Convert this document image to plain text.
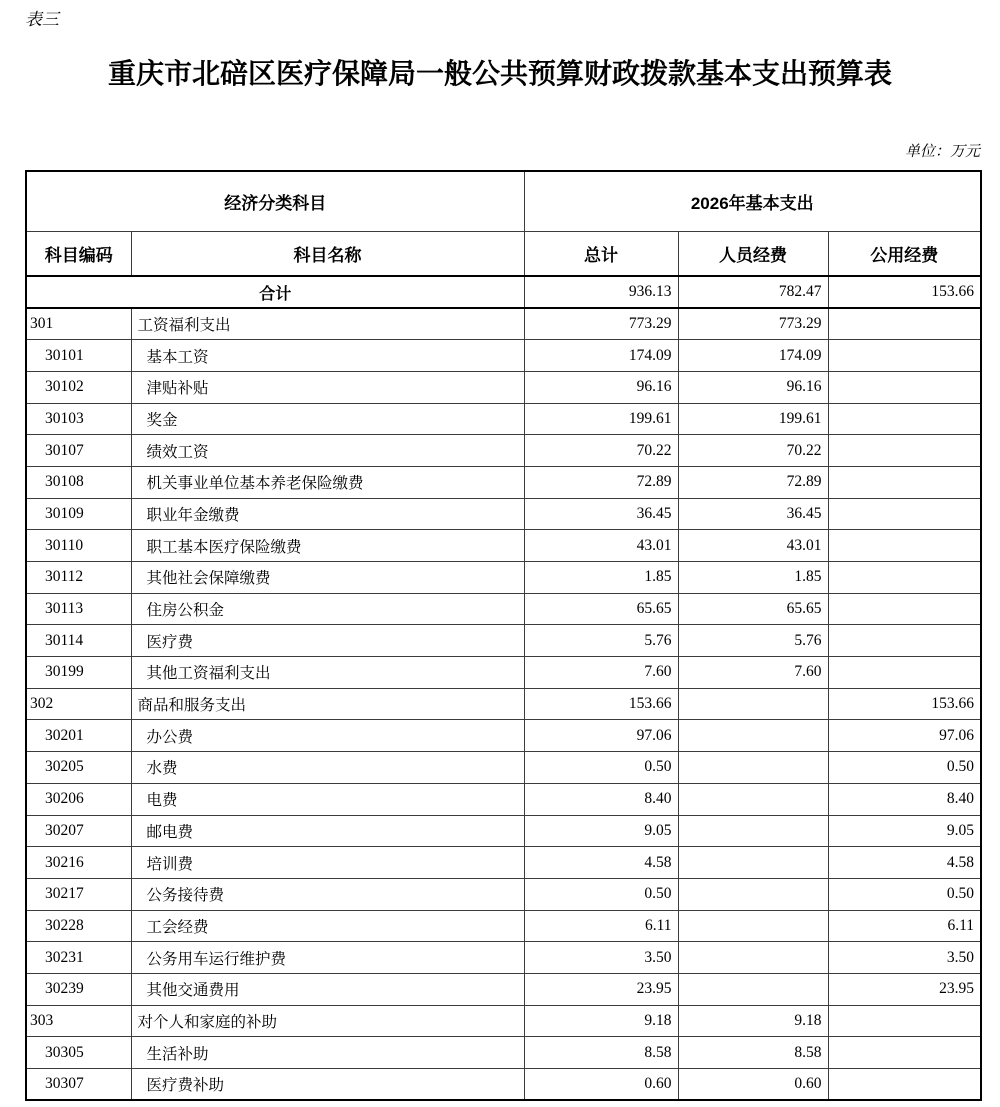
表三
重庆市北碚区医疗保障局一般公共预算财政拨款基本支出预算表
单位：万元
经济分类科目		2026年基本支出		
科目编码	科目名称	总计	人员经费	公用经费
合计		936.13	782.47	153.66
301	工资福利支出	773.29	773.29	
30101	基本工资	174.09	174.09	
30102	津贴补贴	96.16	96.16	
30103	奖金	199.61	199.61	
30107	绩效工资	70.22	70.22	
30108	机关事业单位基本养老保险缴费	72.89	72.89	
30109	职业年金缴费	36.45	36.45	
30110	职工基本医疗保险缴费	43.01	43.01	
30112	其他社会保障缴费	1.85	1.85	
30113	住房公积金	65.65	65.65	
30114	医疗费	5.76	5.76	
30199	其他工资福利支出	7.60	7.60	
302	商品和服务支出	153.66		153.66
30201	办公费	97.06		97.06
30205	水费	0.50		0.50
30206	电费	8.40		8.40
30207	邮电费	9.05		9.05
30216	培训费	4.58		4.58
30217	公务接待费	0.50		0.50
30228	工会经费	6.11		6.11
30231	公务用车运行维护费	3.50		3.50
30239	其他交通费用	23.95		23.95
303	对个人和家庭的补助	9.18	9.18	
30305	生活补助	8.58	8.58	
30307	医疗费补助	0.60	0.60	
